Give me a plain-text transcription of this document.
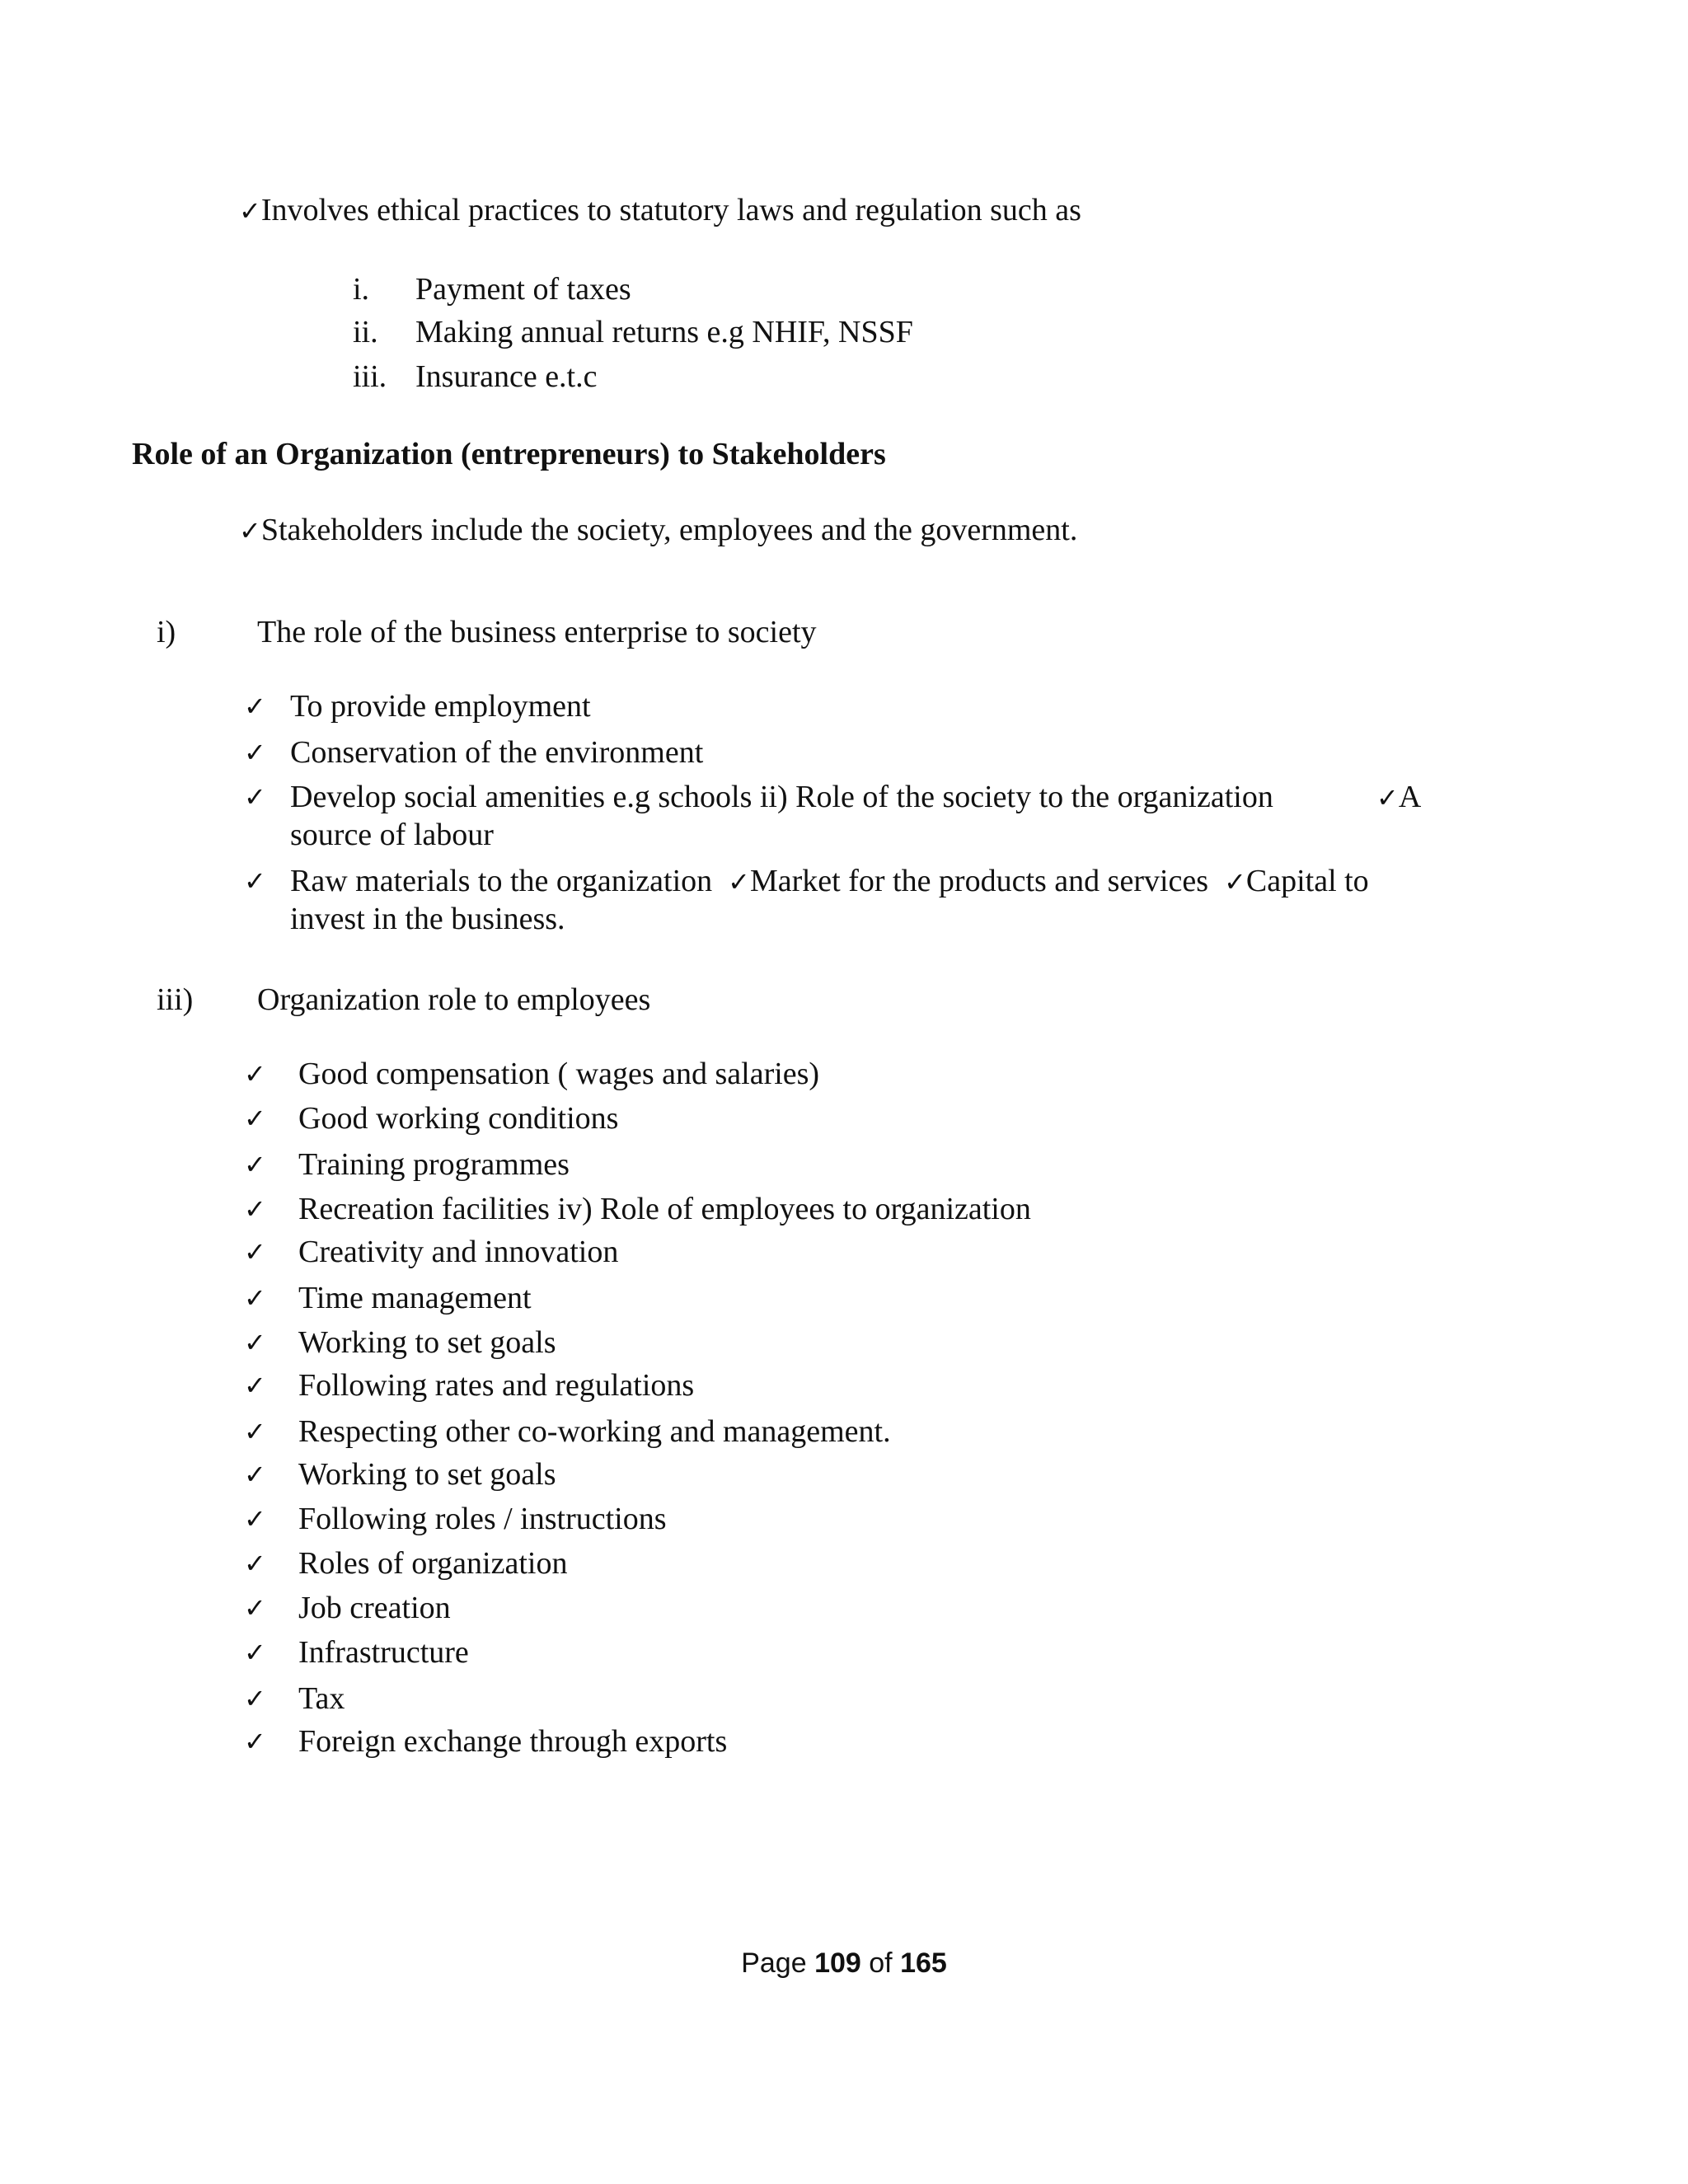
✓Involves ethical practices to statutory laws and regulation such as
i. Payment of taxes
ii. Making annual returns e.g NHIF, NSSF
iii. Insurance e.t.c
Role of an Organization (entrepreneurs) to Stakeholders
✓Stakeholders include the society, employees and the government.
i)	The role of the business enterprise to society
✓ To provide employment
✓ Conservation of the environment
✓ Develop social amenities e.g schools ii) Role of the society to the organization	✓A
source of labour
✓ Raw materials to the organization ✓Market for the products and services ✓Capital to
invest in the business.
iii) Organization role to employees
✓ Good compensation ( wages and salaries)
✓ Good working conditions
✓ Training programmes
✓ Recreation facilities iv) Role of employees to organization
✓ Creativity and innovation
✓ Time management
✓ Working to set goals
✓ Following rates and regulations
✓ Respecting other co-working and management.
✓ Working to set goals
✓ Following roles / instructions
✓ Roles of organization
✓ Job creation
✓ Infrastructure
✓ Tax
✓ Foreign exchange through exports
Page 109 of 165
